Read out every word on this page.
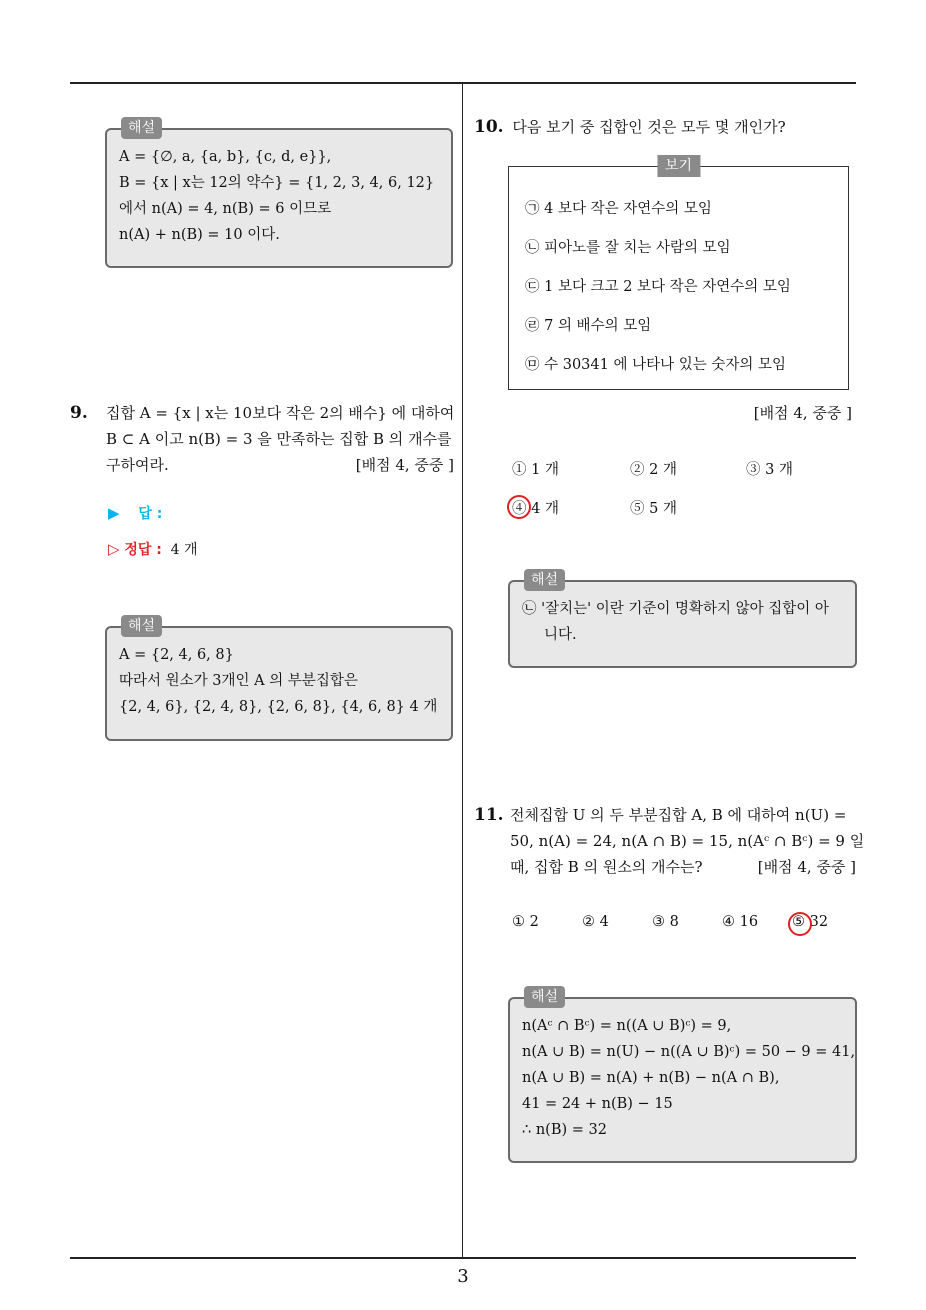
해설
A = {∅, a, {a, b}, {c, d, e}},
B = {x | x는 12의 약수} = {1, 2, 3, 4, 6, 12}
에서 n(A) = 4, n(B) = 6 이므로
n(A) + n(B) = 10 이다.
9. 집합 A = {x | x는 10보다 작은 2의 배수} 에 대하여
B ⊂ A 이고 n(B) = 3 을 만족하는 집합 B 의 개수를
구하여라.	[배점 4, 중중 ]
▶ 답 :
▷ 정답 : 4 개
해설
A = {2, 4, 6, 8}
따라서 원소가 3개인 A 의 부분집합은
{2, 4, 6}, {2, 4, 8}, {2, 6, 8}, {4, 6, 8} 4 개
10. 다음 보기 중 집합인 것은 모두 몇 개인가?
보기
㉠ 4 보다 작은 자연수의 모임
㉡ 피아노를 잘 치는 사람의 모임
㉢ 1 보다 크고 2 보다 작은 자연수의 모임
㉣ 7 의 배수의 모임
㉤ 수 30341 에 나타나 있는 숫자의 모임
[배점 4, 중중 ]
① 1 개	② 2 개	③ 3 개
④ 4 개	⑤ 5 개
해설
㉡ '잘치는' 이란 기준이 명확하지 않아 집합이 아
니다.
11. 전체집합 U 의 두 부분집합 A, B 에 대하여 n(U) =
50, n(A) = 24, n(A ∩ B) = 15, n(Aᶜ ∩ Bᶜ) = 9 일
때, 집합 B 의 원소의 개수는?	[배점 4, 중중 ]
① 2	② 4	③ 8	④ 16 ⑤ 32
해설
n(Aᶜ ∩ Bᶜ) = n((A ∪ B)ᶜ) = 9,
n(A ∪ B) = n(U) − n((A ∪ B)ᶜ) = 50 − 9 = 41,
n(A ∪ B) = n(A) + n(B) − n(A ∩ B),
41 = 24 + n(B) − 15
∴ n(B) = 32
3
